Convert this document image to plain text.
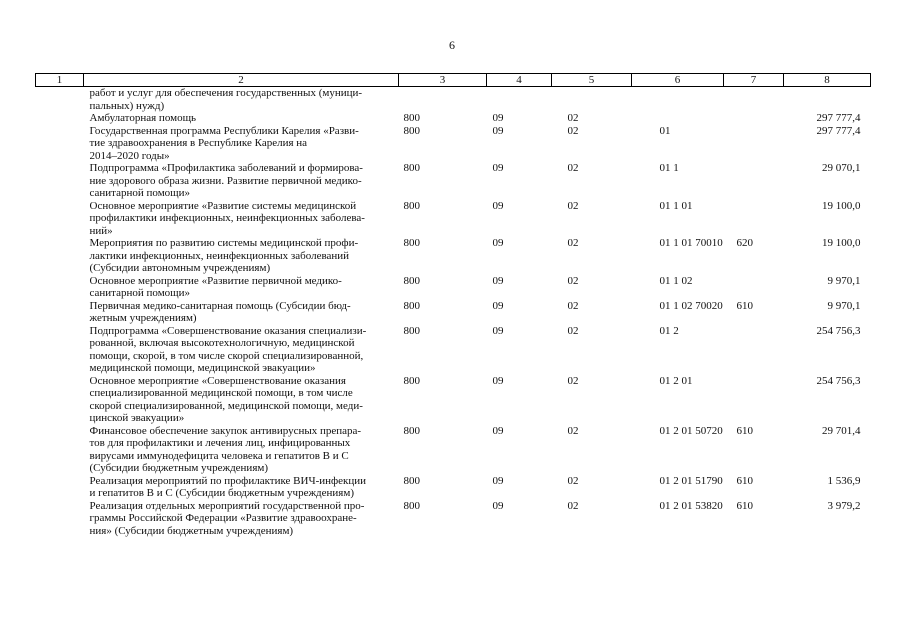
6
1	2	3	4	5	6	7	8
	работ и услуг для обеспечения государственных (муници-
пальных) нужд)						
	Амбулаторная помощь	800	09	02			297 777,4
	Государственная программа Республики Карелия «Разви-
тие здравоохранения в Республике Карелия на
2014–2020 годы»	800	09	02	01		297 777,4
	Подпрограмма «Профилактика заболеваний и формирова-
ние здорового образа жизни. Развитие первичной медико-
санитарной помощи»	800	09	02	01 1		29 070,1
	Основное мероприятие «Развитие системы медицинской
профилактики инфекционных, неинфекционных заболева-
ний»	800	09	02	01 1 01		19 100,0
	Мероприятия по развитию системы медицинской профи-
лактики инфекционных, неинфекционных заболеваний
(Субсидии автономным учреждениям)	800	09	02	01 1 01 70010	620	19 100,0
	Основное мероприятие «Развитие первичной медико-
санитарной помощи»	800	09	02	01 1 02		9 970,1
	Первичная медико-санитарная помощь (Субсидии бюд-
жетным учреждениям)	800	09	02	01 1 02 70020	610	9 970,1
	Подпрограмма «Совершенствование оказания специализи-
рованной, включая высокотехнологичную, медицинской
помощи, скорой, в том числе скорой специализированной,
медицинской помощи, медицинской эвакуации»	800	09	02	01 2		254 756,3
	Основное мероприятие «Совершенствование оказания
специализированной медицинской помощи, в том числе
скорой специализированной, медицинской помощи, меди-
цинской эвакуации»	800	09	02	01 2 01		254 756,3
	Финансовое обеспечение закупок антивирусных препара-
тов для профилактики и лечения лиц, инфицированных
вирусами иммунодефицита человека и гепатитов В и С
(Субсидии бюджетным учреждениям)	800	09	02	01 2 01 50720	610	29 701,4
	Реализация мероприятий по профилактике ВИЧ-инфекции
и гепатитов В и С (Субсидии бюджетным учреждениям)	800	09	02	01 2 01 51790	610	1 536,9
	Реализация отдельных мероприятий государственной про-
граммы Российской Федерации «Развитие здравоохране-
ния» (Субсидии бюджетным учреждениям)	800	09	02	01 2 01 53820	610	3 979,2
